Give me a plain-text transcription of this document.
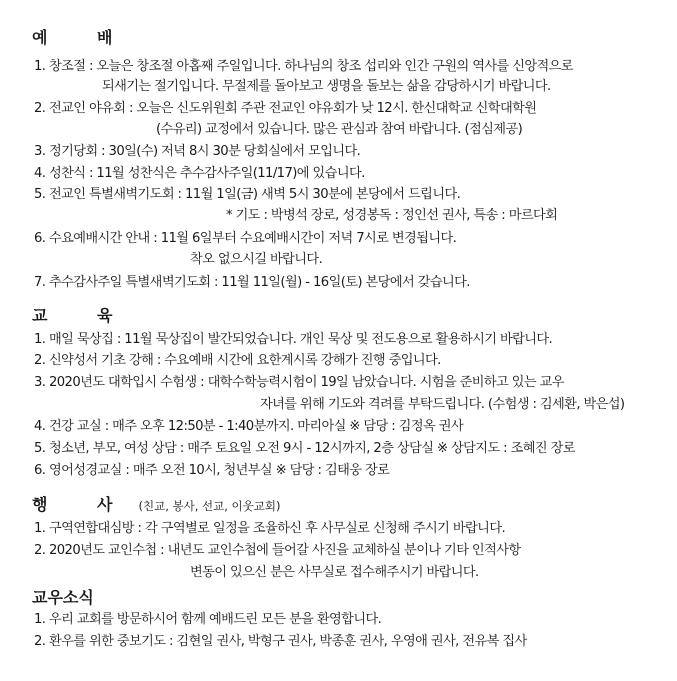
예 배
1. 창조절 : 오늘은 창조절 아홉째 주일입니다. 하나님의 창조 섭리와 인간 구원의 역사를 신앙적으로
되새기는 절기입니다. 무절제를 돌아보고 생명을 돌보는 삶을 감당하시기 바랍니다.
2. 전교인 야유회 : 오늘은 신도위원회 주관 전교인 야유회가 낮 12시. 한신대학교 신학대학원
(수유리) 교정에서 있습니다. 많은 관심과 참여 바랍니다. (점심제공)
3. 정기당회 : 30일(수) 저녁 8시 30분 당회실에서 모입니다.
4. 성찬식 : 11월 성찬식은 추수감사주일(11/17)에 있습니다.
5. 전교인 특별새벽기도회 : 11월 1일(금) 새벽 5시 30분에 본당에서 드립니다.
* 기도 : 박병석 장로, 성경봉독 : 정인선 권사, 특송 : 마르다회
6. 수요예배시간 안내 : 11월 6일부터 수요예배시간이 저녁 7시로 변경됩니다.
착오 없으시길 바랍니다.
7. 추수감사주일 특별새벽기도회 : 11월 11일(월) - 16일(토) 본당에서 갖습니다.
교 육
1. 매일 묵상집 : 11월 묵상집이 발간되었습니다. 개인 묵상 및 전도용으로 활용하시기 바랍니다.
2. 신약성서 기초 강해 : 수요예배 시간에 요한계시록 강해가 진행 중입니다.
3. 2020년도 대학입시 수험생 : 대학수학능력시험이 19일 남았습니다. 시험을 준비하고 있는 교우
자녀를 위해 기도와 격려를 부탁드립니다. (수험생 : 김세환, 박은섭)
4. 건강 교실 : 매주 오후 12:50분 - 1:40분까지. 마리아실 ※ 담당 : 김정옥 권사
5. 청소년, 부모, 여성 상담 : 매주 토요일 오전 9시 - 12시까지, 2층 상담실 ※ 상담지도 : 조혜진 장로
6. 영어성경교실 : 매주 오전 10시, 청년부실 ※ 담당 : 김태웅 장로
행 사 (친교, 봉사, 선교, 이웃교회)
1. 구역연합대심방 : 각 구역별로 일정을 조율하신 후 사무실로 신청해 주시기 바랍니다.
2. 2020년도 교인수첩 : 내년도 교인수첩에 들어갈 사진을 교체하실 분이나 기타 인적사항
변동이 있으신 분은 사무실로 접수해주시기 바랍니다.
교우소식
1. 우리 교회를 방문하시어 함께 예배드린 모든 분을 환영합니다.
2. 환우를 위한 중보기도 : 김현일 권사, 박형구 권사, 박종훈 권사, 우영애 권사, 전유복 집사
